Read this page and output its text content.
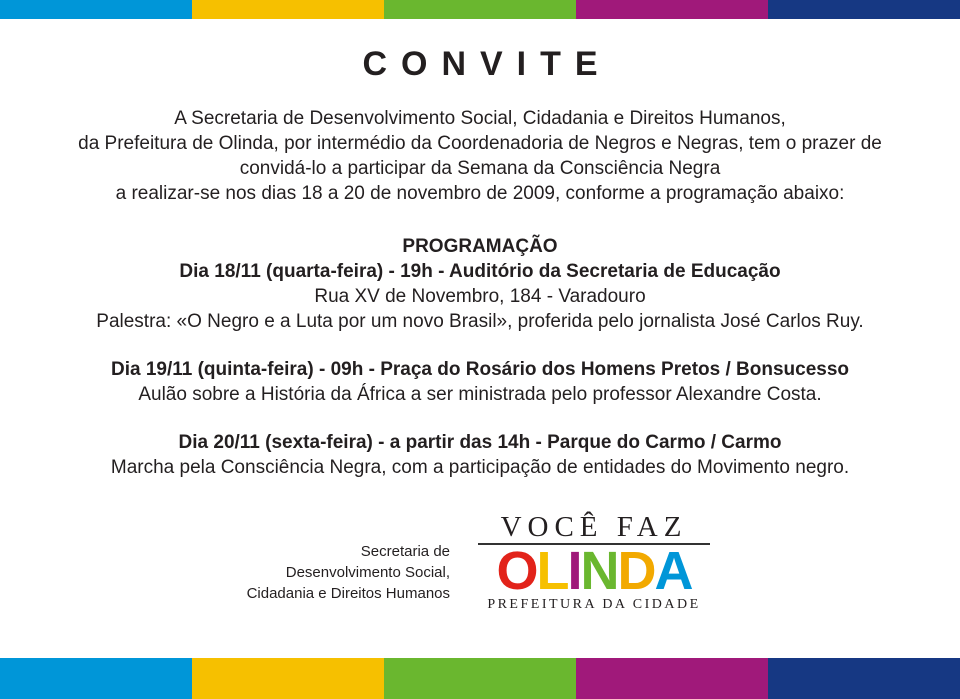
CONVITE
A Secretaria de Desenvolvimento Social, Cidadania e Direitos Humanos,
da Prefeitura de Olinda, por intermédio da Coordenadoria de Negros e Negras, tem o prazer de
convidá-lo a participar da Semana da Consciência Negra
a realizar-se nos dias 18 a 20 de novembro de 2009, conforme a programação abaixo:
PROGRAMAÇÃO
Dia 18/11 (quarta-feira) - 19h - Auditório da Secretaria de Educação
Rua XV de Novembro, 184 - Varadouro
Palestra: «O Negro e a Luta por um novo Brasil», proferida pelo jornalista José Carlos Ruy.
Dia 19/11 (quinta-feira) - 09h - Praça do Rosário dos Homens Pretos / Bonsucesso
Aulão sobre a História da África a ser ministrada pelo professor Alexandre Costa.
Dia 20/11 (sexta-feira) - a partir das 14h - Parque do Carmo / Carmo
Marcha pela Consciência Negra, com a participação de entidades do Movimento negro.
Secretaria de
Desenvolvimento Social,
Cidadania e Direitos Humanos
VOCÊ FAZ
OLINDA
PREFEITURA DA CIDADE
